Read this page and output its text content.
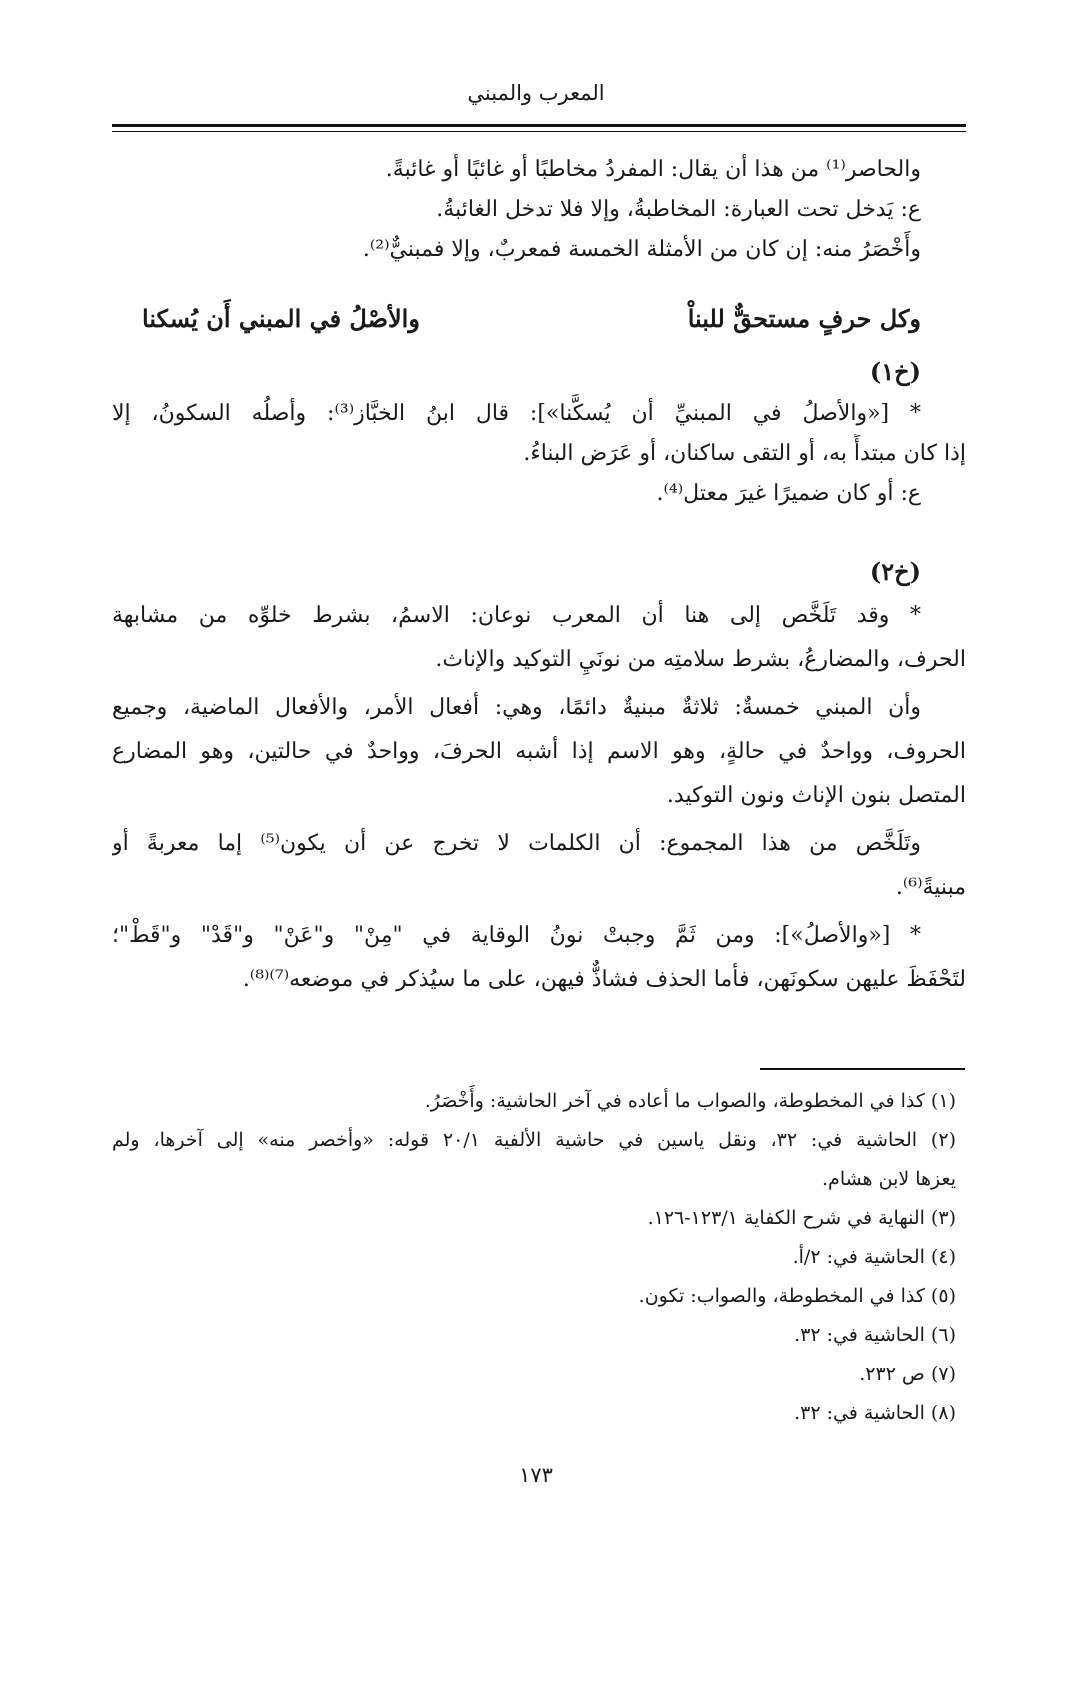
المعرب والمبني

والحاصر⁽¹⁾ من هذا أن يقال: المفردُ مخاطبًا أو غائبًا أو غائبةً.

ع: يَدخل تحت العبارة: المخاطبةُ، وإلا فلا تدخل الغائبةُ.

وأَخْصَرُ منه: إن كان من الأمثلة الخمسة فمعربٌ، وإلا فمبنيٌّ⁽²⁾.

وكل حرفٍ مستحقٌّ للبناْ
والأصْلُ في المبني أَن يُسكنا

(خ١)

* [«والأصلُ في المبنيِّ أن يُسكَّنا»]: قال ابنُ الخبَّاز⁽³⁾: وأصلُه السكونُ، إلا

إذا كان مبتدأً به، أو التقى ساكنان، أو عَرَض البناءُ.

ع: أو كان ضميرًا غيرَ معتل⁽⁴⁾.

(خ٢)

* وقد تَلَخَّص إلى هنا أن المعرب نوعان: الاسمُ، بشرط خلوِّه من مشابهة

الحرف، والمضارعُ، بشرط سلامتِه من نونَيِ التوكيد والإناث.

وأن المبني خمسةٌ: ثلاثةٌ مبنيةٌ دائمًا، وهي: أفعال الأمر، والأفعال الماضية، وجميع

الحروف، وواحدٌ في حالةٍ، وهو الاسم إذا أشبه الحرفَ، وواحدٌ في حالتين، وهو المضارع

المتصل بنون الإناث ونون التوكيد.

وتَلَخَّص من هذا المجموع: أن الكلمات لا تخرج عن أن يكون⁽⁵⁾ إما معربةً أو

مبنيةً⁽⁶⁾.

* [«والأصلُ»]: ومن ثَمَّ وجبتْ نونُ الوقاية في "مِنْ" و"عَنْ" و"قَدْ" و"قَطْ"؛

لتَحْفَظَ عليهن سكونَهن، فأما الحذف فشاذٌّ فيهن، على ما سيُذكر في موضعه⁽⁷⁾⁽⁸⁾.

(١) كذا في المخطوطة، والصواب ما أعاده في آخر الحاشية: وأَخْصَرُ.

(٢) الحاشية في: ٣٢، ونقل ياسين في حاشية الألفية ٢٠/١ قوله: «وأخصر منه» إلى آخرها، ولم

يعزها لابن هشام.

(٣) النهاية في شرح الكفاية ١٢٣/١-١٢٦.

(٤) الحاشية في: ٢/أ.

(٥) كذا في المخطوطة، والصواب: تكون.

(٦) الحاشية في: ٣٢.

(٧) ص ٢٣٢.

(٨) الحاشية في: ٣٢.

١٧٣
